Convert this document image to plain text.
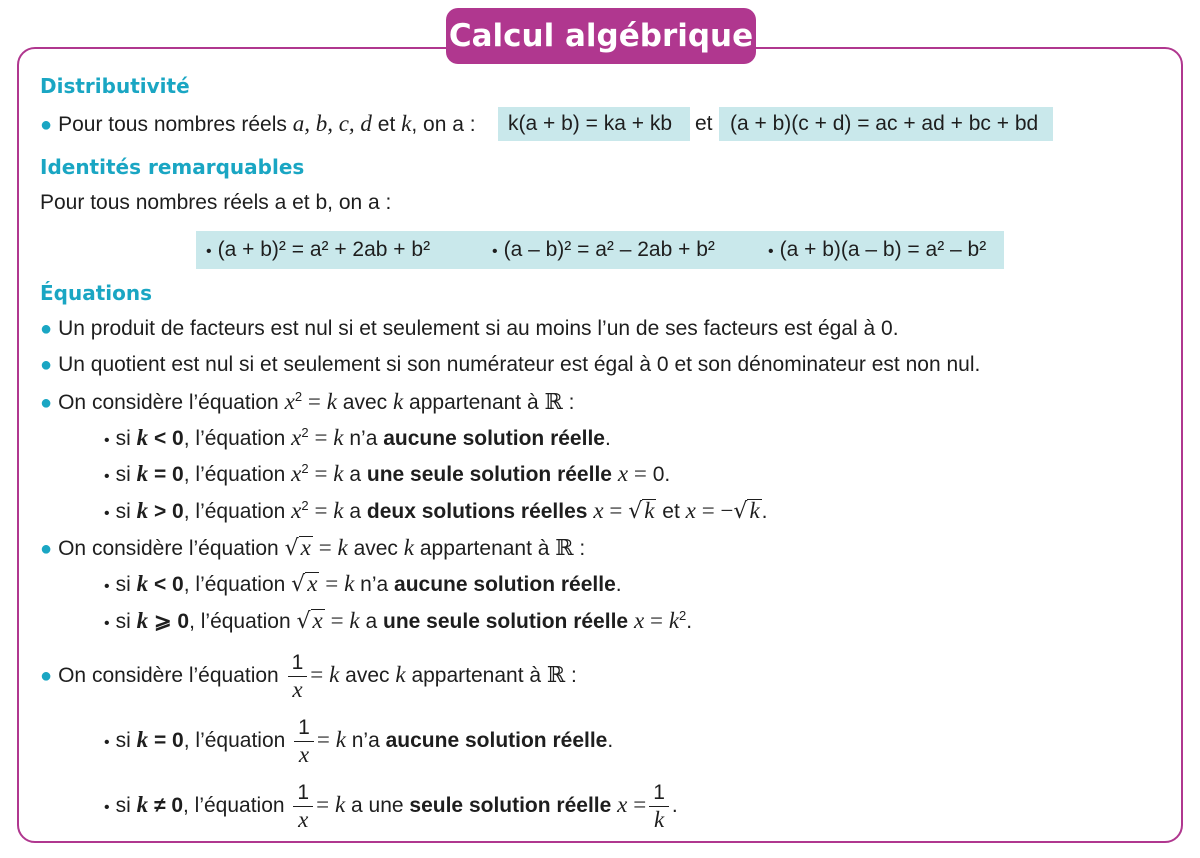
Calcul algébrique
Distributivité
● Pour tous nombres réels a, b, c, d et k, on a : k(a + b) = ka + kb et (a + b)(c + d) = ac + ad + bc + bd
Identités remarquables
Pour tous nombres réels a et b, on a :
• (a + b)² = a² + 2ab + b²	• (a – b)² = a² – 2ab + b²	• (a + b)(a – b) = a² – b²
Équations
● Un produit de facteurs est nul si et seulement si au moins l’un de ses facteurs est égal à 0.
● Un quotient est nul si et seulement si son numérateur est égal à 0 et son dénominateur est non nul.
● On considère l’équation $x^2 = k$ avec k appartenant à ℝ :
• si k < 0, l’équation $x^2 = k$ n’a aucune solution réelle.
• si k = 0, l’équation $x^2 = k$ a une seule solution réelle x = 0.
• si k > 0, l’équation $x^2 = k$ a deux solutions réelles x = √k et x = −√k.
● On considère l’équation √x = k avec k appartenant à ℝ :
• si k < 0, l’équation √x = k n’a aucune solution réelle.
• si k ⩾ 0, l’équation √x = k a une seule solution réelle $x = k^2$.
● On considère l’équation $\frac{1}{x} = k$ avec k appartenant à ℝ :
• si k = 0, l’équation $\frac{1}{x} = k$ n’a aucune solution réelle.
• si k ≠ 0, l’équation $\frac{1}{x} = k$ a une seule solution réelle $x = \frac{1}{k}$ .
